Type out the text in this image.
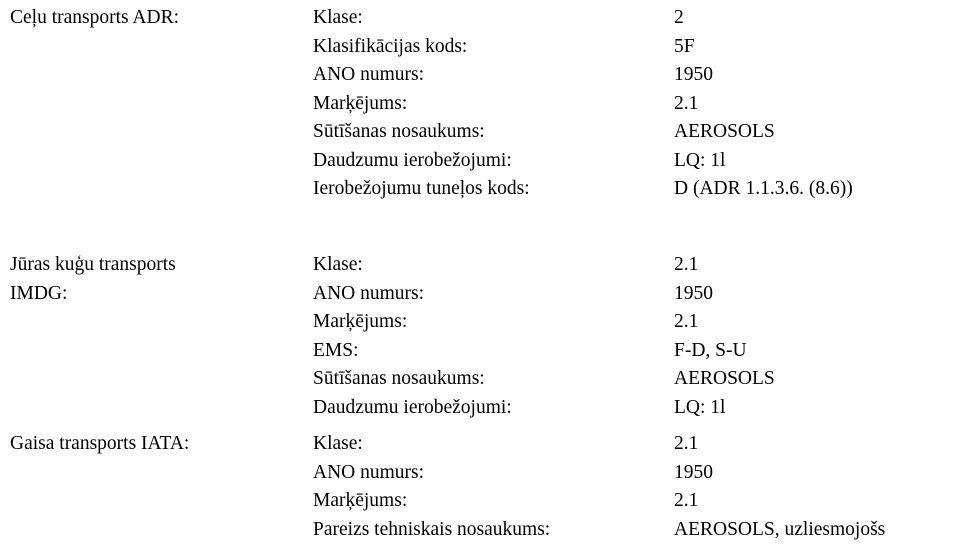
Ceļu transports ADR:	Klase:	2
Klasifikācijas kods:	5F
ANO numurs:	1950
Marķējums:	2.1
Sūtīšanas nosaukums:	AEROSOLS
Daudzumu ierobežojumi:	LQ: 1l
Ierobežojumu tuneļos kods:	D (ADR 1.1.3.6. (8.6))
Jūras kuģu transports
IMDG:
Klase:	2.1
ANO numurs:	1950
Marķējums:	2.1
EMS:	F-D, S-U
Sūtīšanas nosaukums:	AEROSOLS
Daudzumu ierobežojumi:	LQ: 1l
Gaisa transports IATA:	Klase:	2.1
ANO numurs:	1950
Marķējums:	2.1
Pareizs tehniskais nosaukums:	AEROSOLS, uzliesmojošs
